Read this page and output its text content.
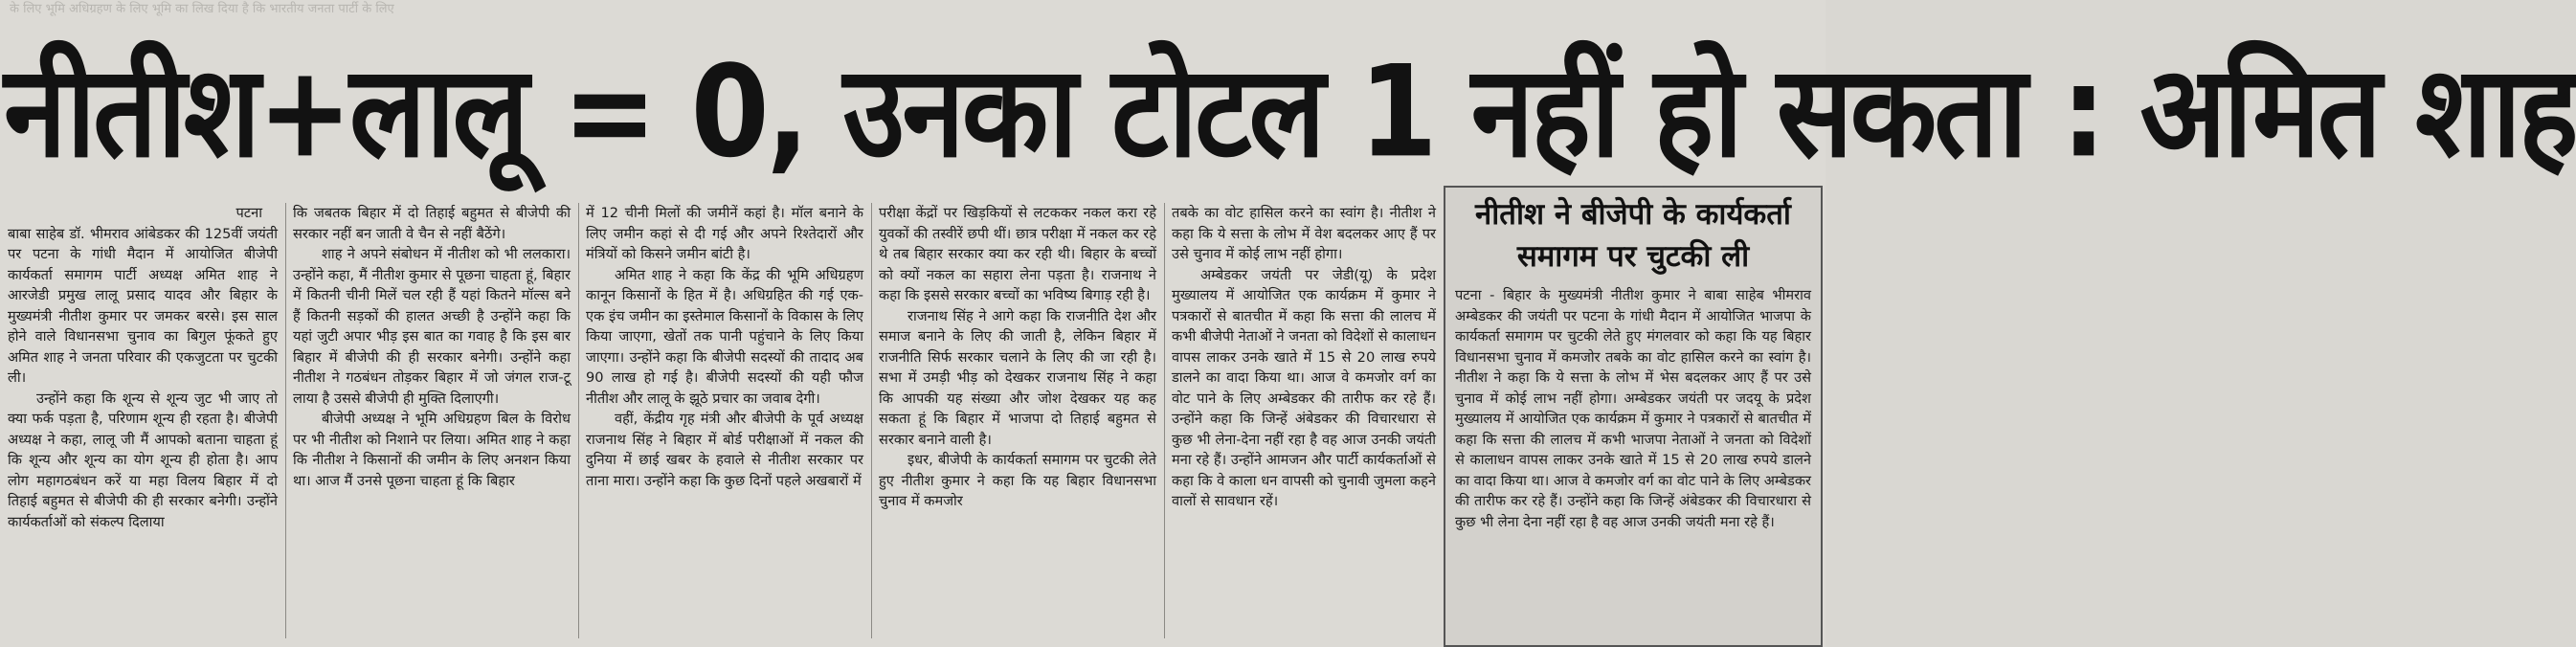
के लिए भूमि अधिग्रहण के लिए भूमि का लिख दिया है कि भारतीय जनता पार्टी के लिए
नीतीश+लालू = 0, उनका टोटल 1 नहीं हो सकता : अमित शाह
पटना

बाबा साहेब डॉ. भीमराव आंबेडकर की 125वीं जयंती पर पटना के गांधी मैदान में आयोजित बीजेपी कार्यकर्ता समागम पार्टी अध्यक्ष अमित शाह ने आरजेडी प्रमुख लालू प्रसाद यादव और बिहार के मुख्यमंत्री नीतीश कुमार पर जमकर बरसे। इस साल होने वाले विधानसभा चुनाव का बिगुल फूंकते हुए अमित शाह ने जनता परिवार की एकजुटता पर चुटकी ली।

उन्होंने कहा कि शून्य से शून्य जुट भी जाए तो क्या फर्क पड़ता है, परिणाम शून्य ही रहता है। बीजेपी अध्यक्ष ने कहा, लालू जी मैं आपको बताना चाहता हूं कि शून्य और शून्य का योग शून्य ही होता है। आप लोग महागठबंधन करें या महा विलय बिहार में दो तिहाई बहुमत से बीजेपी की ही सरकार बनेगी। उन्होंने कार्यकर्ताओं को संकल्प दिलाया

कि जबतक बिहार में दो तिहाई बहुमत से बीजेपी की सरकार नहीं बन जाती वे चैन से नहीं बैठेंगे।

शाह ने अपने संबोधन में नीतीश को भी ललकारा। उन्होंने कहा, मैं नीतीश कुमार से पूछना चाहता हूं, बिहार में कितनी चीनी मिलें चल रही हैं यहां कितने मॉल्स बने हैं कितनी सड़कों की हालत अच्छी है उन्होंने कहा कि यहां जुटी अपार भीड़ इस बात का गवाह है कि इस बार बिहार में बीजेपी की ही सरकार बनेगी। उन्होंने कहा नीतीश ने गठबंधन तोड़कर बिहार में जो जंगल राज-टू लाया है उससे बीजेपी ही मुक्ति दिलाएगी।

बीजेपी अध्यक्ष ने भूमि अधिग्रहण बिल के विरोध पर भी नीतीश को निशाने पर लिया। अमित शाह ने कहा कि नीतीश ने किसानों की जमीन के लिए अनशन किया था। आज मैं उनसे पूछना चाहता हूं कि बिहार

में 12 चीनी मिलों की जमीनें कहां है। मॉल बनाने के लिए जमीन कहां से दी गई और अपने रिश्तेदारों और मंत्रियों को किसने जमीन बांटी है।

अमित शाह ने कहा कि केंद्र की भूमि अधिग्रहण कानून किसानों के हित में है। अधिग्रहित की गई एक-एक इंच जमीन का इस्तेमाल किसानों के विकास के लिए किया जाएगा, खेतों तक पानी पहुंचाने के लिए किया जाएगा। उन्होंने कहा कि बीजेपी सदस्यों की तादाद अब 90 लाख हो गई है। बीजेपी सदस्यों की यही फौज नीतीश और लालू के झूठे प्रचार का जवाब देगी।

वहीं, केंद्रीय गृह मंत्री और बीजेपी के पूर्व अध्यक्ष राजनाथ सिंह ने बिहार में बोर्ड परीक्षाओं में नकल की दुनिया में छाई खबर के हवाले से नीतीश सरकार पर ताना मारा। उन्होंने कहा कि कुछ दिनों पहले अखबारों में

परीक्षा केंद्रों पर खिड़कियों से लटककर नकल करा रहे युवकों की तस्वीरें छपी थीं। छात्र परीक्षा में नकल कर रहे थे तब बिहार सरकार क्या कर रही थी। बिहार के बच्चों को क्यों नकल का सहारा लेना पड़ता है। राजनाथ ने कहा कि इससे सरकार बच्चों का भविष्य बिगाड़ रही है।

राजनाथ सिंह ने आगे कहा कि राजनीति देश और समाज बनाने के लिए की जाती है, लेकिन बिहार में राजनीति सिर्फ सरकार चलाने के लिए की जा रही है। सभा में उमड़ी भीड़ को देखकर राजनाथ सिंह ने कहा कि आपकी यह संख्या और जोश देखकर यह कह सकता हूं कि बिहार में भाजपा दो तिहाई बहुमत से सरकार बनाने वाली है।

इधर, बीजेपी के कार्यकर्ता समागम पर चुटकी लेते हुए नीतीश कुमार ने कहा कि यह बिहार विधानसभा चुनाव में कमजोर

तबके का वोट हासिल करने का स्वांग है। नीतीश ने कहा कि ये सत्ता के लोभ में वेश बदलकर आए हैं पर उसे चुनाव में कोई लाभ नहीं होगा।

अम्बेडकर जयंती पर जेडी(यू) के प्रदेश मुख्यालय में आयोजित एक कार्यक्रम में कुमार ने पत्रकारों से बातचीत में कहा कि सत्ता की लालच में कभी बीजेपी नेताओं ने जनता को विदेशों से कालाधन वापस लाकर उनके खाते में 15 से 20 लाख रुपये डालने का वादा किया था। आज वे कमजोर वर्ग का वोट पाने के लिए अम्बेडकर की तारीफ कर रहे हैं। उन्होंने कहा कि जिन्हें अंबेडकर की विचारधारा से कुछ भी लेना-देना नहीं रहा है वह आज उनकी जयंती मना रहे हैं। उन्होंने आमजन और पार्टी कार्यकर्ताओं से कहा कि वे काला धन वापसी को चुनावी जुमला कहने वालों से सावधान रहें।

नीतीश ने बीजेपी के कार्यकर्ता समागम पर चुटकी ली
पटना - बिहार के मुख्यमंत्री नीतीश कुमार ने बाबा साहेब भीमराव अम्बेडकर की जयंती पर पटना के गांधी मैदान में आयोजित भाजपा के कार्यकर्ता समागम पर चुटकी लेते हुए मंगलवार को कहा कि यह बिहार विधानसभा चुनाव में कमजोर तबके का वोट हासिल करने का स्वांग है। नीतीश ने कहा कि ये सत्ता के लोभ में भेस बदलकर आए हैं पर उसे चुनाव में कोई लाभ नहीं होगा। अम्बेडकर जयंती पर जदयू के प्रदेश मुख्यालय में आयोजित एक कार्यक्रम में कुमार ने पत्रकारों से बातचीत में कहा कि सत्ता की लालच में कभी भाजपा नेताओं ने जनता को विदेशों से कालाधन वापस लाकर उनके खाते में 15 से 20 लाख रुपये डालने का वादा किया था। आज वे कमजोर वर्ग का वोट पाने के लिए अम्बेडकर की तारीफ कर रहे हैं। उन्होंने कहा कि जिन्हें अंबेडकर की विचारधारा से कुछ भी लेना देना नहीं रहा है वह आज उनकी जयंती मना रहे हैं।
